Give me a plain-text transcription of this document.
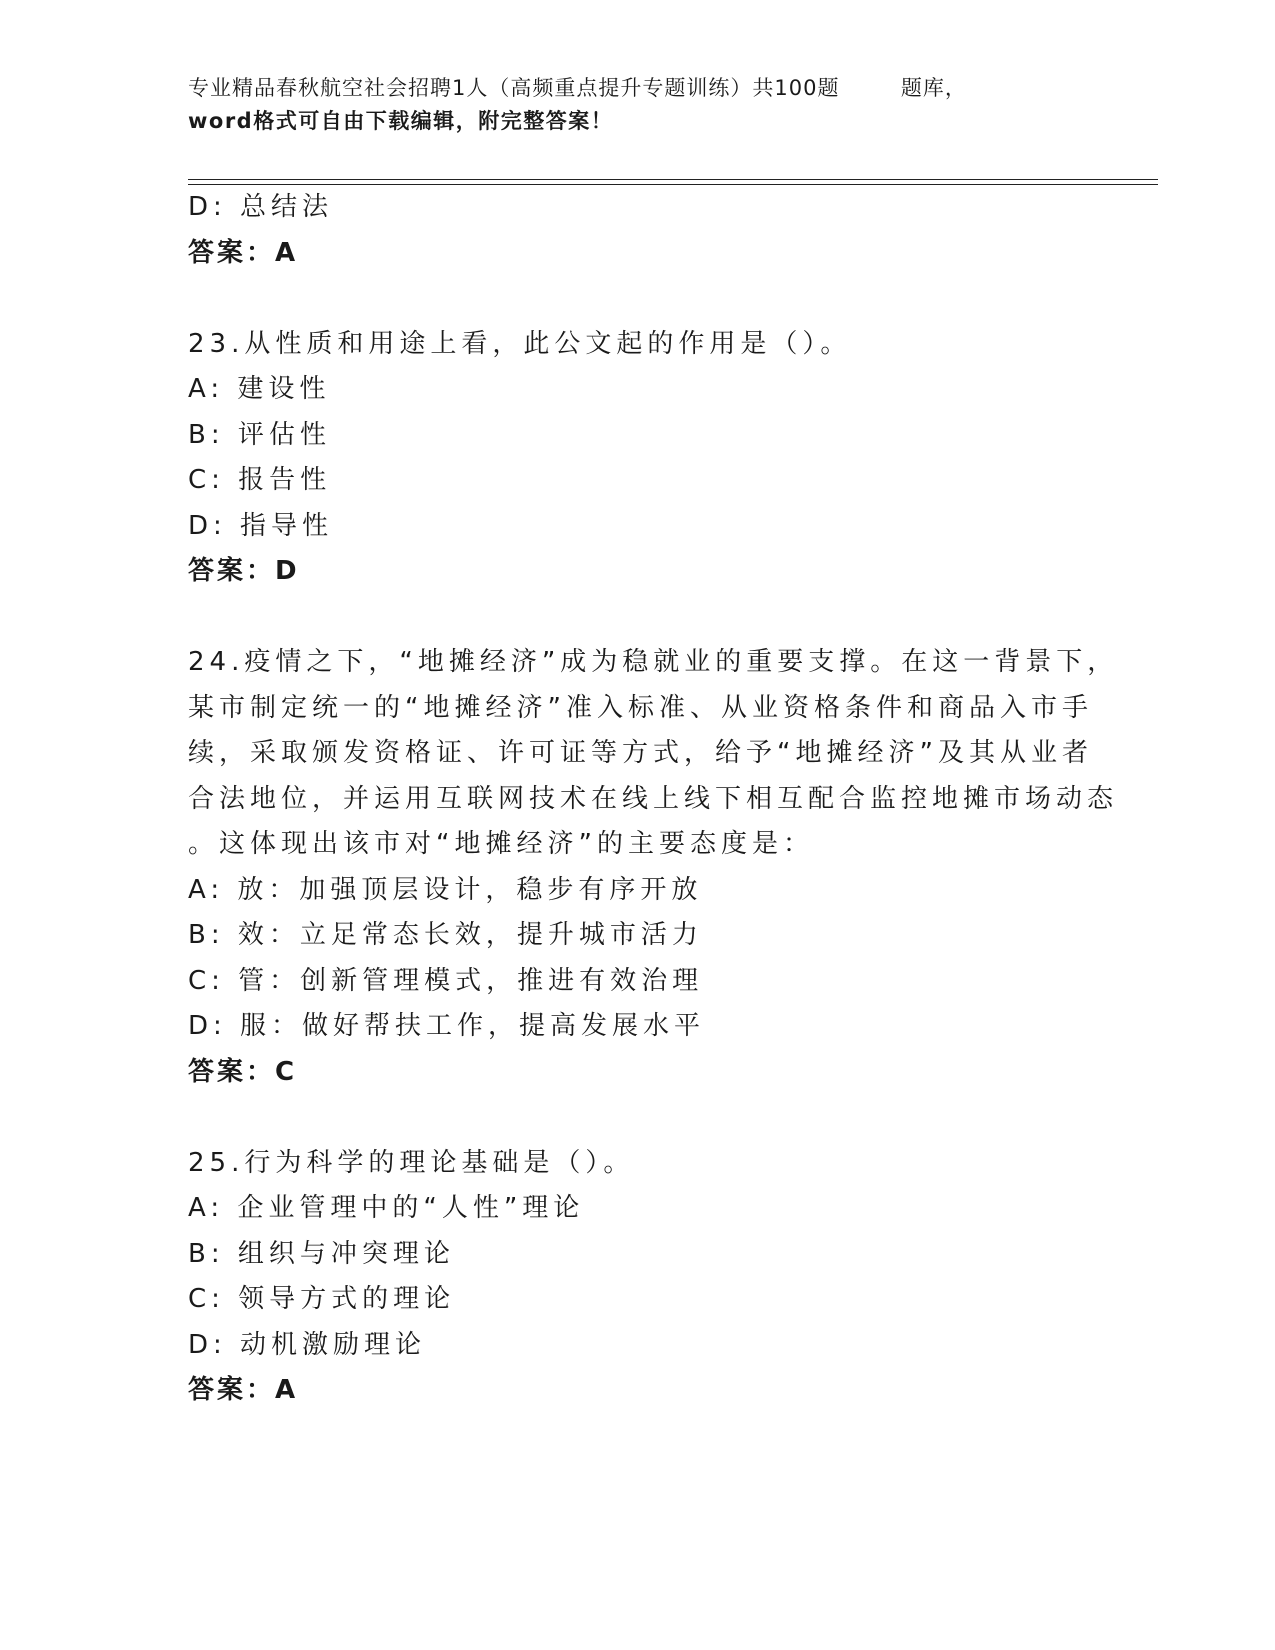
专业精品春秋航空社会招聘1人（高频重点提升专题训练）共100题        题库，
word格式可自由下载编辑，附完整答案！
D: 总结法
答案：A
23.从性质和用途上看，此公文起的作用是（）。
A: 建设性
B: 评估性
C: 报告性
D: 指导性
答案：D
24.疫情之下，“地摊经济”成为稳就业的重要支撑。在这一背景下，
某市制定统一的“地摊经济”准入标准、从业资格条件和商品入市手
续，采取颁发资格证、许可证等方式，给予“地摊经济”及其从业者
合法地位，并运用互联网技术在线上线下相互配合监控地摊市场动态
。这体现出该市对“地摊经济”的主要态度是：
A: 放：加强顶层设计，稳步有序开放
B: 效：立足常态长效，提升城市活力
C: 管：创新管理模式，推进有效治理
D: 服：做好帮扶工作，提高发展水平
答案：C
25.行为科学的理论基础是（）。
A: 企业管理中的“人性”理论
B: 组织与冲突理论
C: 领导方式的理论
D: 动机激励理论
答案：A
